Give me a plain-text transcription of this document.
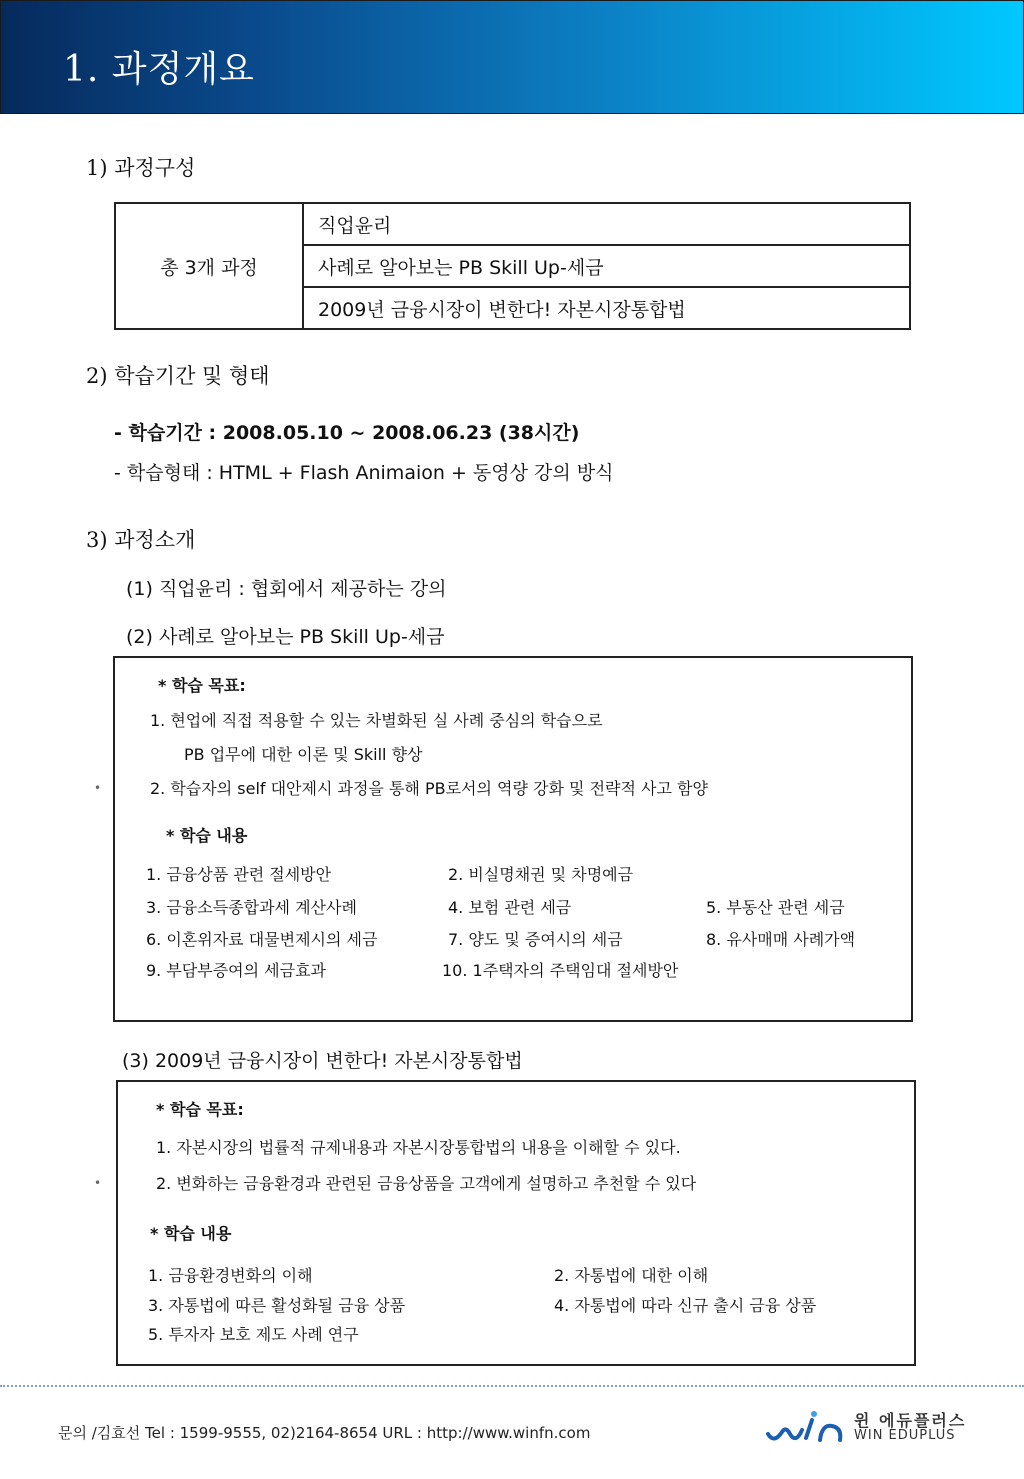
1. 과정개요
1) 과정구성
총 3개 과정	직업윤리
사례로 알아보는 PB Skill Up-세금
2009년 금융시장이 변한다! 자본시장통합법
2) 학습기간 및 형태
- 학습기간 : 2008.05.10 ~ 2008.06.23 (38시간)
- 학습형태 : HTML + Flash Animaion + 동영상 강의 방식
3) 과정소개
(1) 직업윤리 : 협회에서 제공하는 강의
(2) 사례로 알아보는 PB Skill Up-세금
•
* 학습 목표:
1. 현업에 직접 적용할 수 있는 차별화된 실 사례 중심의 학습으로
PB 업무에 대한 이론 및 Skill 향상
2. 학습자의 self 대안제시 과정을 통해 PB로서의 역량 강화 및 전략적 사고 함양
* 학습 내용
1. 금융상품 관련 절세방안	2. 비실명채권 및 차명예금
3. 금융소득종합과세 계산사례	4. 보험 관련 세금	5. 부동산 관련 세금
6. 이혼위자료 대물변제시의 세금	7. 양도 및 증여시의 세금	8. 유사매매 사례가액
9. 부담부증여의 세금효과	10. 1주택자의 주택임대 절세방안
(3) 2009년 금융시장이 변한다! 자본시장통합법
•
* 학습 목표:
1. 자본시장의 법률적 규제내용과 자본시장통합법의 내용을 이해할 수 있다.
2. 변화하는 금융환경과 관련된 금융상품을 고객에게 설명하고 추천할 수 있다
* 학습 내용
1. 금융환경변화의 이해	2. 자통법에 대한 이해
3. 자통법에 따른 활성화될 금융 상품	4. 자통법에 따라 신규 출시 금융 상품
5. 투자자 보호 제도 사례 연구
문의 /김효선 Tel : 1599-9555, 02)2164-8654 URL : http://www.winfn.com
윈 에듀플러스
WIN EDUPLUS
